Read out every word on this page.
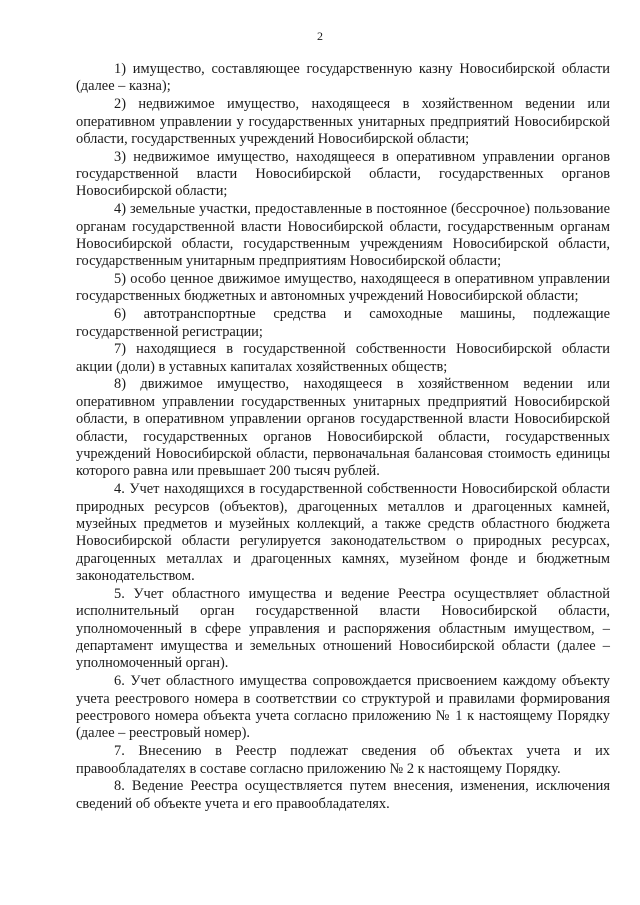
2

1) имущество, составляющее государственную казну Новосибирской области (далее – казна);

2) недвижимое имущество, находящееся в хозяйственном ведении или оперативном управлении у государственных унитарных предприятий Новосибирской области, государственных учреждений Новосибирской области;

3) недвижимое имущество, находящееся в оперативном управлении органов государственной власти Новосибирской области, государственных органов Новосибирской области;

4) земельные участки, предоставленные в постоянное (бессрочное) пользование органам государственной власти Новосибирской области, государственным органам Новосибирской области, государственным учреждениям Новосибирской области, государственным унитарным предприятиям Новосибирской области;

5) особо ценное движимое имущество, находящееся в оперативном управлении государственных бюджетных и автономных учреждений Новосибирской области;

6) автотранспортные средства и самоходные машины, подлежащие государственной регистрации;

7) находящиеся в государственной собственности Новосибирской области акции (доли) в уставных капиталах хозяйственных обществ;

8) движимое имущество, находящееся в хозяйственном ведении или оперативном управлении государственных унитарных предприятий Новосибирской области, в оперативном управлении органов государственной власти Новосибирской области, государственных органов Новосибирской области, государственных учреждений Новосибирской области, первоначальная балансовая стоимость единицы которого равна или превышает 200 тысяч рублей.

4. Учет находящихся в государственной собственности Новосибирской области природных ресурсов (объектов), драгоценных металлов и драгоценных камней, музейных предметов и музейных коллекций, а также средств областного бюджета Новосибирской области регулируется законодательством о природных ресурсах, драгоценных металлах и драгоценных камнях, музейном фонде и бюджетным законодательством.

5. Учет областного имущества и ведение Реестра осуществляет областной исполнительный орган государственной власти Новосибирской области, уполномоченный в сфере управления и распоряжения областным имуществом, – департамент имущества и земельных отношений Новосибирской области (далее – уполномоченный орган).

6. Учет областного имущества сопровождается присвоением каждому объекту учета реестрового номера в соответствии со структурой и правилами формирования реестрового номера объекта учета согласно приложению № 1 к настоящему Порядку (далее – реестровый номер).

7. Внесению в Реестр подлежат сведения об объектах учета и их правообладателях в составе согласно приложению № 2 к настоящему Порядку.

8. Ведение Реестра осуществляется путем внесения, изменения, исключения сведений об объекте учета и его правообладателях.
